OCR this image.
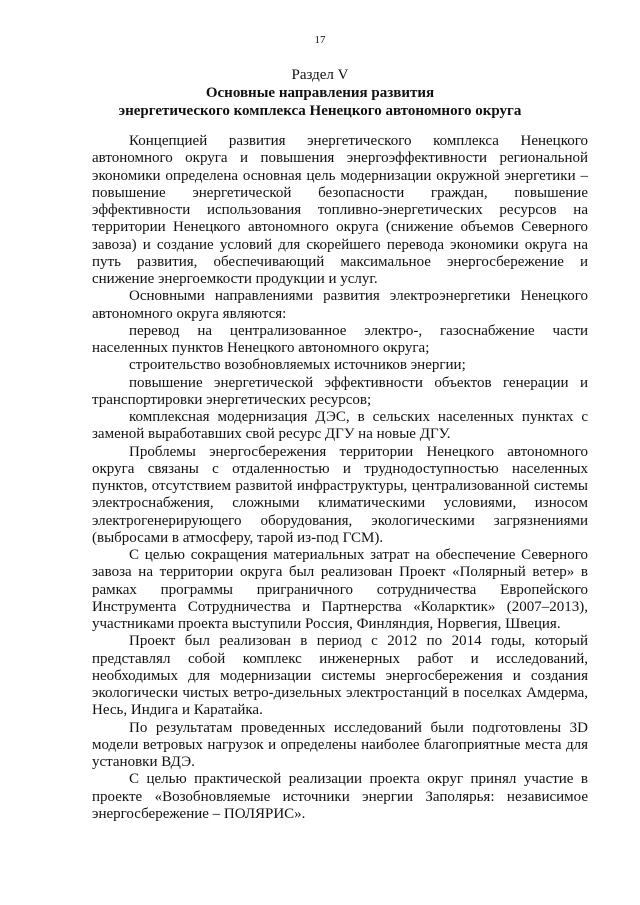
17
Раздел V
Основные направления развития
энергетического комплекса Ненецкого автономного округа

Концепцией развития энергетического комплекса Ненецкого автономного округа и повышения энергоэффективности региональной экономики определена основная цель модернизации окружной энергетики – повышение энергетической безопасности граждан, повышение эффективности использования топливно-энергетических ресурсов на территории Ненецкого автономного округа (снижение объемов Северного завоза) и создание условий для скорейшего перевода экономики округа на путь развития, обеспечивающий максимальное энергосбережение и снижение энергоемкости продукции и услуг.

Основными направлениями развития электроэнергетики Ненецкого автономного округа являются:

перевод на централизованное электро-, газоснабжение части населенных пунктов Ненецкого автономного округа;

строительство возобновляемых источников энергии;

повышение энергетической эффективности объектов генерации и транспортировки энергетических ресурсов;

комплексная модернизация ДЭС, в сельских населенных пунктах с заменой выработавших свой ресурс ДГУ на новые ДГУ.

Проблемы энергосбережения территории Ненецкого автономного округа связаны с отдаленностью и труднодоступностью населенных пунктов, отсутствием развитой инфраструктуры, централизованной системы электроснабжения, сложными климатическими условиями, износом электрогенерирующего оборудования, экологическими загрязнениями (выбросами в атмосферу, тарой из-под ГСМ).

С целью сокращения материальных затрат на обеспечение Северного завоза на территории округа был реализован Проект «Полярный ветер» в рамках программы приграничного сотрудничества Европейского Инструмента Сотрудничества и Партнерства «Коларктик» (2007–2013), участниками проекта выступили Россия, Финляндия, Норвегия, Швеция.

Проект был реализован в период с 2012 по 2014 годы, который представлял собой комплекс инженерных работ и исследований, необходимых для модернизации системы энергосбережения и создания экологически чистых ветро-дизельных электростанций в поселках Амдерма, Несь, Индига и Каратайка.

По результатам проведенных исследований были подготовлены 3D модели ветровых нагрузок и определены наиболее благоприятные места для установки ВДЭ.

С целью практической реализации проекта округ принял участие в проекте «Возобновляемые источники энергии Заполярья: независимое энергосбережение – ПОЛЯРИС».
